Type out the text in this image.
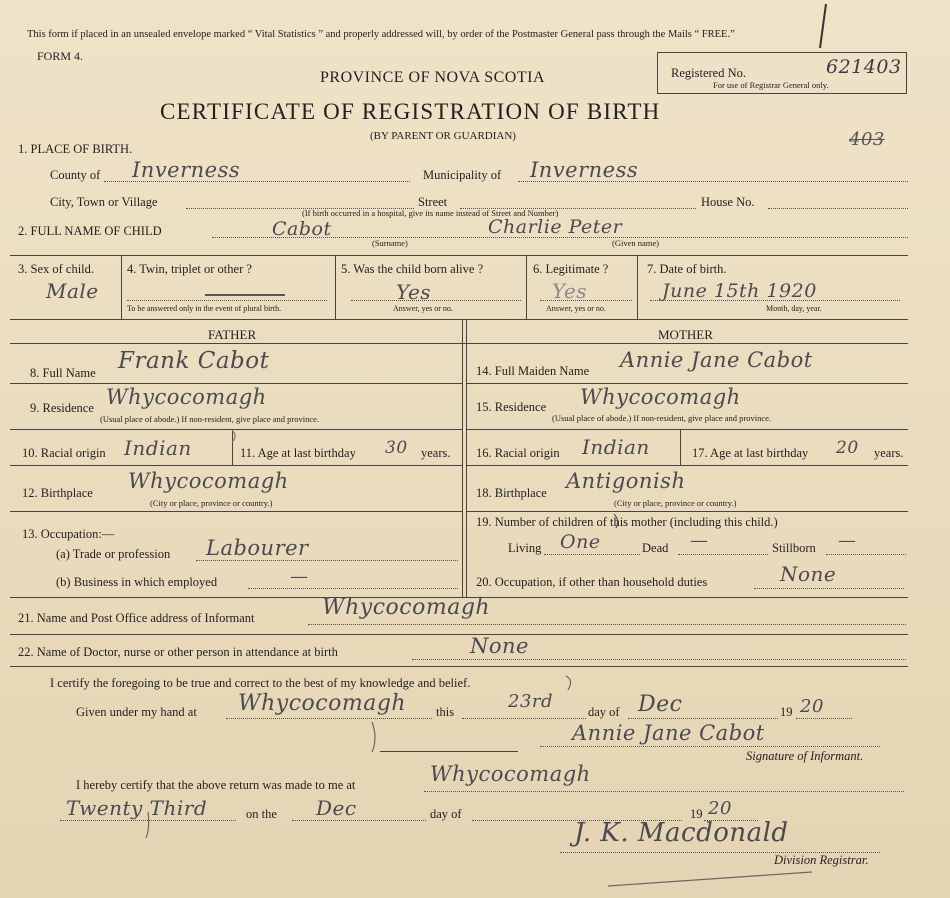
This form if placed in an unsealed envelope marked “ Vital Statistics ” and properly addressed will, by order of the Postmaster General pass through the Mails “ FREE.”
FORM 4.
PROVINCE OF NOVA SCOTIA
CERTIFICATE OF REGISTRATION OF BIRTH
(BY PARENT OR GUARDIAN)
Registered No.	621403
For use of Registrar General only.
403
1. PLACE OF BIRTH.
County of Inverness	Municipality of Inverness
City, Town or Village	Street	House No.
(If birth occurred in a hospital, give its name instead of Street and Number)
2. FULL NAME OF CHILD	Cabot	Charlie Peter
(Surname)	(Given name)
3. Sex of child.
Male
4. Twin, triplet or other ?
To be answered only in the event of plural birth.
5. Was the child born alive ?
Yes
Answer, yes or no.
6. Legitimate ?
Yes
Answer, yes or no.
7. Date of birth.
June 15th 1920
Month, day, year.
FATHER	MOTHER
8. Full Name Frank Cabot
9. Residence Whycocomagh
(Usual place of abode.) If non-resident, give place and province.
10. Racial origin Indian	11. Age at last birthday 30 years.
12. Birthplace Whycocomagh
(City or place, province or country.)
13. Occupation:—
(a) Trade or profession Labourer
(b) Business in which employed	—
14. Full Maiden Name Annie Jane Cabot
15. Residence Whycocomagh
(Usual place of abode.) If non-resident, give place and province.
16. Racial origin Indian	17. Age at last birthday 20 years.
18. Birthplace Antigonish
(City or place, province or country.)
19. Number of children of this mother (including this child.)
Living One	Dead —	Stillborn —
20. Occupation, if other than household duties	None
21. Name and Post Office address of Informant	Whycocomagh
22. Name of Doctor, nurse or other person in attendance at birth	None
I certify the foregoing to be true and correct to the best of my knowledge and belief.
Given under my hand at Whycocomagh this	23rd	day of Dec	19 20
Annie Jane Cabot
Signature of Informant.
I hereby certify that the above return was made to me at	Whycocomagh
Twenty Third	on the Dec	day of	19 20
J. K. Macdonald
Division Registrar.
